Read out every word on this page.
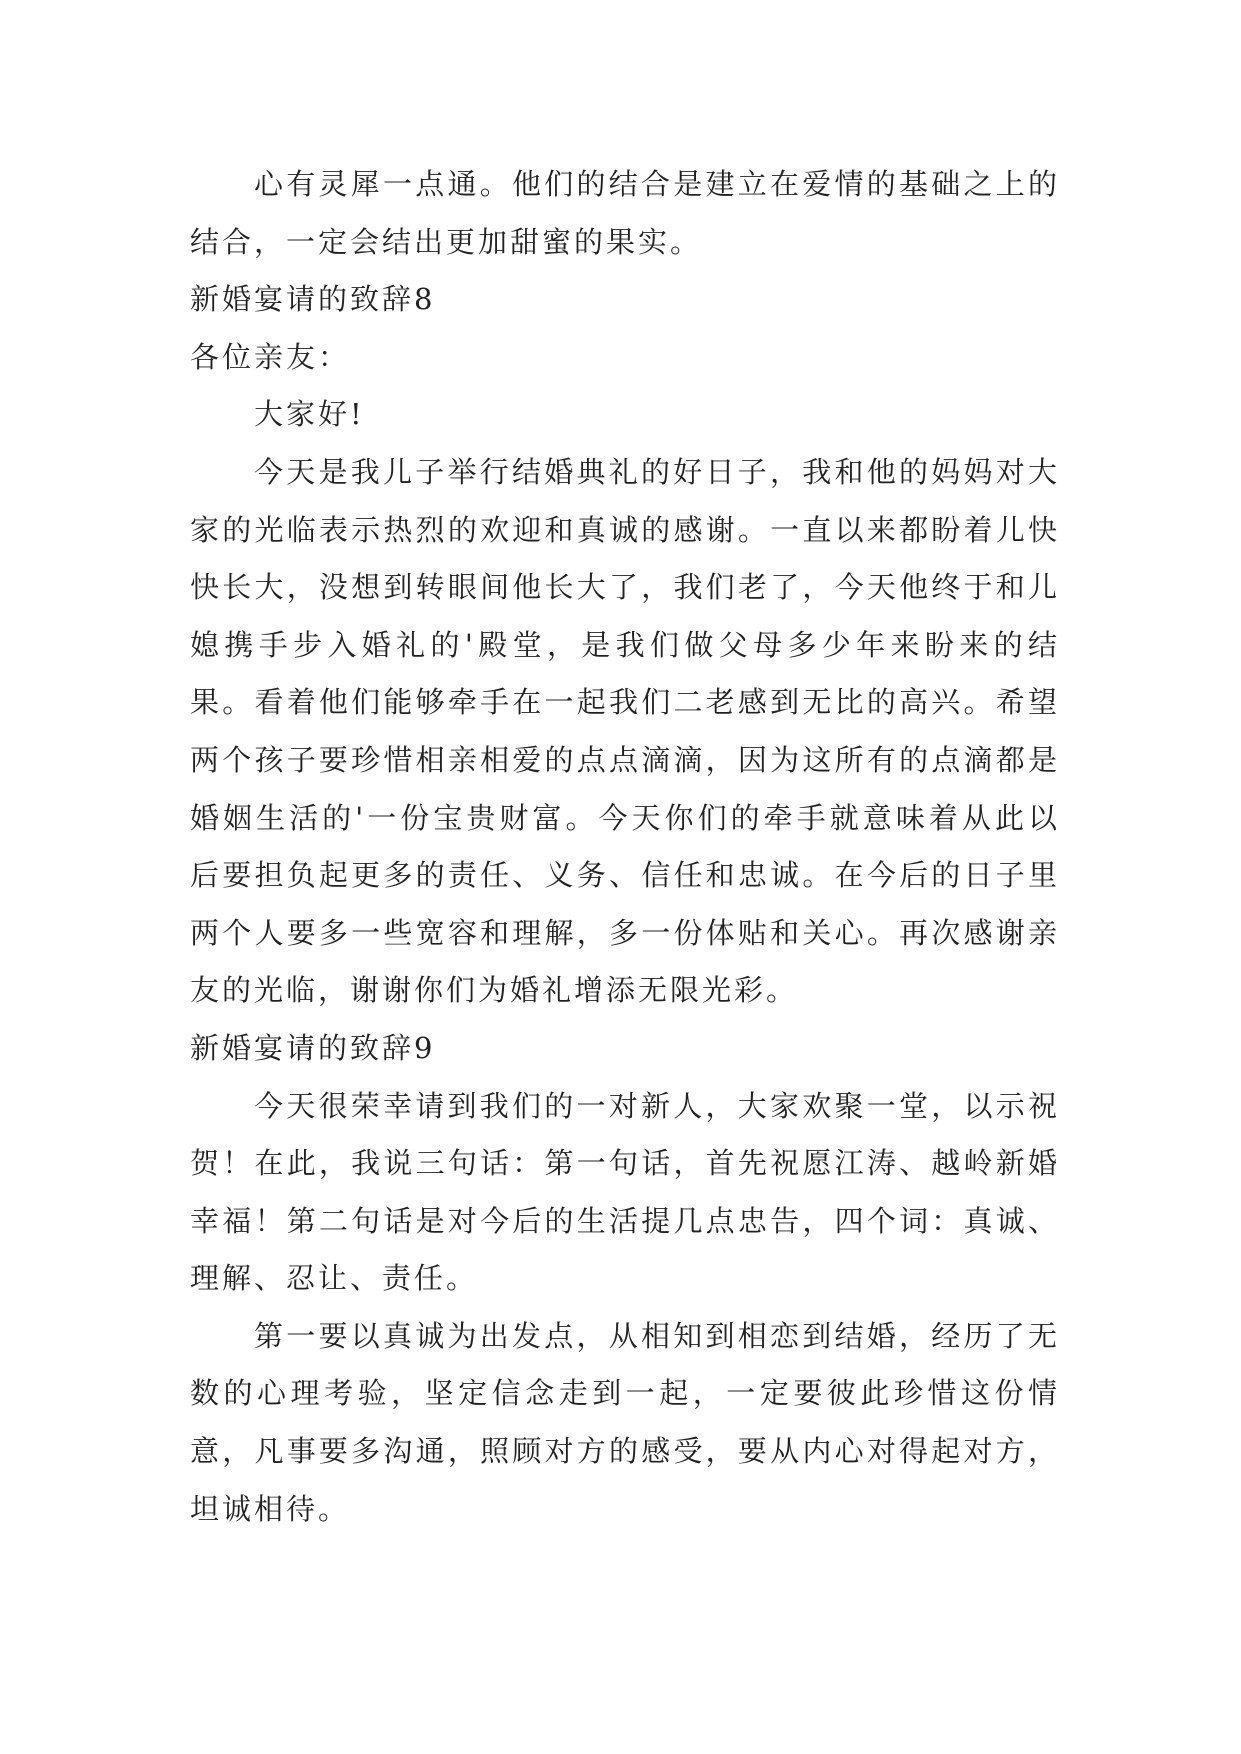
心有灵犀一点通。他们的结合是建立在爱情的基础之上的结合，一定会结出更加甜蜜的果实。

新婚宴请的致辞8

各位亲友：

大家好!

今天是我儿子举行结婚典礼的好日子，我和他的妈妈对大家的光临表示热烈的欢迎和真诚的感谢。一直以来都盼着儿快快长大，没想到转眼间他长大了，我们老了，今天他终于和儿媳携手步入婚礼的'殿堂，是我们做父母多少年来盼来的结果。看着他们能够牵手在一起我们二老感到无比的高兴。希望两个孩子要珍惜相亲相爱的点点滴滴，因为这所有的点滴都是婚姻生活的'一份宝贵财富。今天你们的牵手就意味着从此以后要担负起更多的责任、义务、信任和忠诚。在今后的日子里两个人要多一些宽容和理解，多一份体贴和关心。再次感谢亲友的光临，谢谢你们为婚礼增添无限光彩。

新婚宴请的致辞9

今天很荣幸请到我们的一对新人，大家欢聚一堂，以示祝贺！在此，我说三句话：第一句话，首先祝愿江涛、越岭新婚幸福！第二句话是对今后的生活提几点忠告，四个词：真诚、理解、忍让、责任。

第一要以真诚为出发点，从相知到相恋到结婚，经历了无数的心理考验，坚定信念走到一起，一定要彼此珍惜这份情意，凡事要多沟通，照顾对方的感受，要从内心对得起对方，坦诚相待。
